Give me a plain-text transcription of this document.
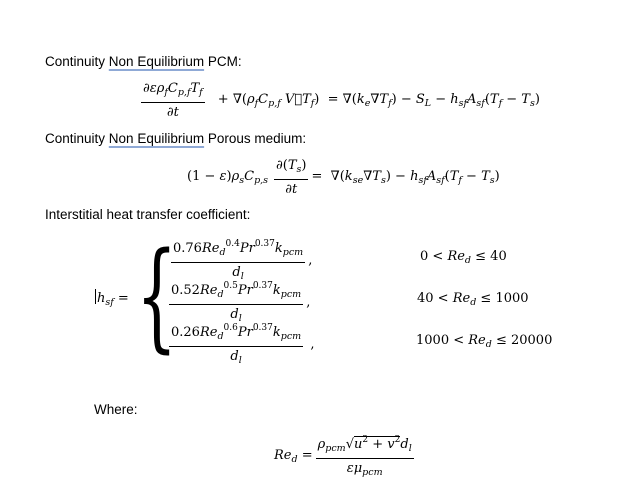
Continuity Non Equilibrium PCM:
$\frac{\partial\varepsilon\rho_fC_{p,f}T_f}{\partial t} + \nabla(\rho_fC_{p,f}$ $V⃗T_f) = \nabla(k_e\nabla T_f) - S_L - h_{sf}A_{sf}(T_f - T_s)$
Continuity Non Equilibrium Porous medium:
$(1 - \varepsilon)\rho_sC_{p,s} \frac{\partial(T_s)}{\partial t} = \nabla(k_{se}\nabla T_s) - h_{sf}A_{sf}(T_f - T_s)$
Interstitial heat transfer coefficient:
$h_{sf}$ = {
$\frac{0.76Re_d^{0.4}Pr^{0.37}k_{pcm}}{d_l}$ ,	$0 < Re_d \le 40$
$\frac{0.52Re_d^{0.5}Pr^{0.37}k_{pcm}}{d_l}$ ,	$40 < Re_d \le 1000$
$\frac{0.26Re_d^{0.6}Pr^{0.37}k_{pcm}}{d_l}$ ,	$1000 < Re_d \le 20000$
Where:
$Re_d = \frac{\rho_{pcm}√u^2 + v^2d_l}{\varepsilon\mu_{pcm}}$
